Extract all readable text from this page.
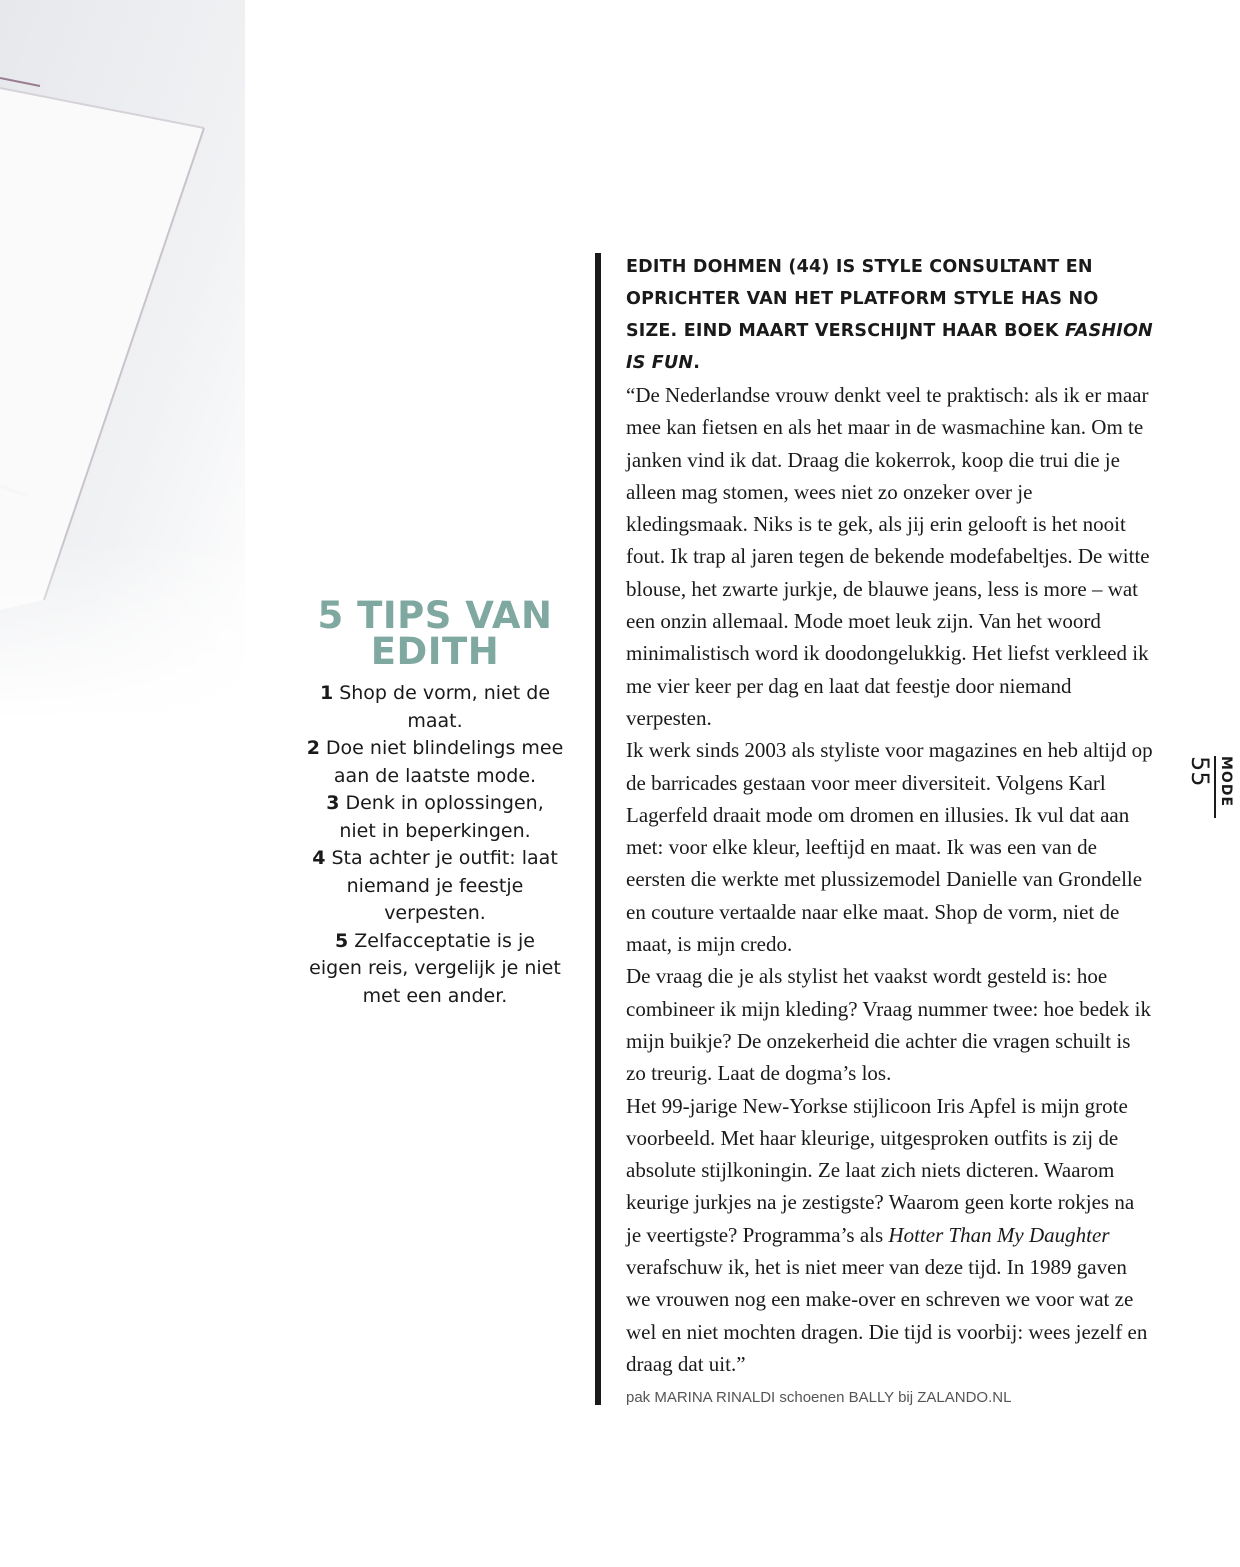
5 TIPS VAN EDITH
1 Shop de vorm, niet de maat.
2 Doe niet blindelings mee aan de laatste mode.
3 Denk in oplossingen, niet in beperkingen.
4 Sta achter je outfit: laat niemand je feestje verpesten.
5 Zelfacceptatie is je eigen reis, vergelijk je niet met een ander.

EDITH DOHMEN (44) IS STYLE CONSULTANT EN OPRICHTER VAN HET PLATFORM STYLE HAS NO SIZE. EIND MAART VERSCHIJNT HAAR BOEK FASHION IS FUN.

“De Nederlandse vrouw denkt veel te praktisch: als ik er maar mee kan fietsen en als het maar in de wasmachine kan. Om te janken vind ik dat. Draag die kokerrok, koop die trui die je alleen mag stomen, wees niet zo onzeker over je kledingsmaak. Niks is te gek, als jij erin gelooft is het nooit fout. Ik trap al jaren tegen de bekende modefabeltjes. De witte blouse, het zwarte jurkje, de blauwe jeans, less is more – wat een onzin allemaal. Mode moet leuk zijn. Van het woord minimalistisch word ik doodongelukkig. Het liefst verkleed ik me vier keer per dag en laat dat feestje door niemand verpesten.

Ik werk sinds 2003 als styliste voor magazines en heb altijd op de barricades gestaan voor meer diversiteit. Volgens Karl Lagerfeld draait mode om dromen en illusies. Ik vul dat aan met: voor elke kleur, leeftijd en maat. Ik was een van de eersten die werkte met plussizemodel Danielle van Grondelle en couture vertaalde naar elke maat. Shop de vorm, niet de maat, is mijn credo.

De vraag die je als stylist het vaakst wordt gesteld is: hoe combineer ik mijn kleding? Vraag nummer twee: hoe bedek ik mijn buikje? De onzekerheid die achter die vragen schuilt is zo treurig. Laat de dogma’s los.

Het 99-jarige New-Yorkse stijlicoon Iris Apfel is mijn grote voorbeeld. Met haar kleurige, uitgesproken outfits is zij de absolute stijlkoningin. Ze laat zich niets dicteren. Waarom keurige jurkjes na je zestigste? Waarom geen korte rokjes na je veertigste? Programma’s als Hotter Than My Daughter verafschuw ik, het is niet meer van deze tijd. In 1989 gaven we vrouwen nog een make-over en schreven we voor wat ze wel en niet mochten dragen. Die tijd is voorbij: wees jezelf en draag dat uit.”

pak MARINA RINALDI schoenen BALLY bij ZALANDO.NL

MODE
55
